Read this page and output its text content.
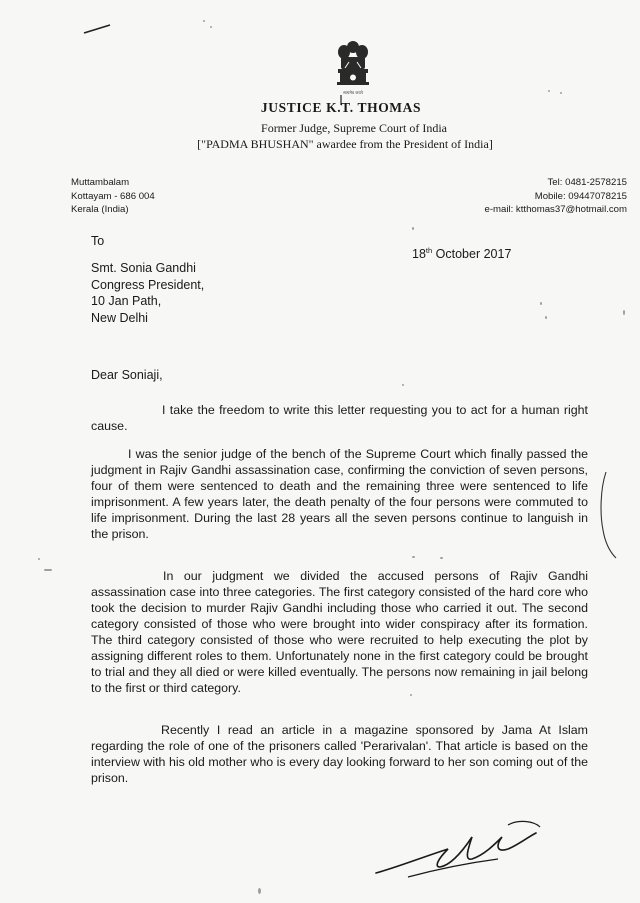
सत्यमेव जयते
JUSTICE K.T. THOMAS
Former Judge, Supreme Court of India
["PADMA BHUSHAN" awardee from the President of India]
Muttambalam
Kottayam - 686 004
Kerala (India)
Tel: 0481-2578215
Mobile: 09447078215
e-mail: ktthomas37@hotmail.com
To
18th October 2017
Smt. Sonia Gandhi
Congress President,
10 Jan Path,
New Delhi
Dear Soniaji,

I take the freedom to write this letter requesting you to act for a human right cause.

I was the senior judge of the bench of the Supreme Court which finally passed the judgment in Rajiv Gandhi assassination case, confirming the conviction of seven persons, four of them were sentenced to death and the remaining three were sentenced to life imprisonment. A few years later, the death penalty of the four persons were commuted to life imprisonment. During the last 28 years all the seven persons continue to languish in the prison.

In our judgment we divided the accused persons of Rajiv Gandhi assassination case into three categories. The first category consisted of the hard core who took the decision to murder Rajiv Gandhi including those who carried it out. The second category consisted of those who were brought into wider conspiracy after its formation. The third category consisted of those who were recruited to help executing the plot by assigning different roles to them. Unfortunately none in the first category could be brought to trial and they all died or were killed eventually. The persons now remaining in jail belong to the first or third category.

Recently I read an article in a magazine sponsored by Jama At Islam regarding the role of one of the prisoners called 'Perarivalan'. That article is based on the interview with his old mother who is every day looking forward to her son coming out of the prison.
